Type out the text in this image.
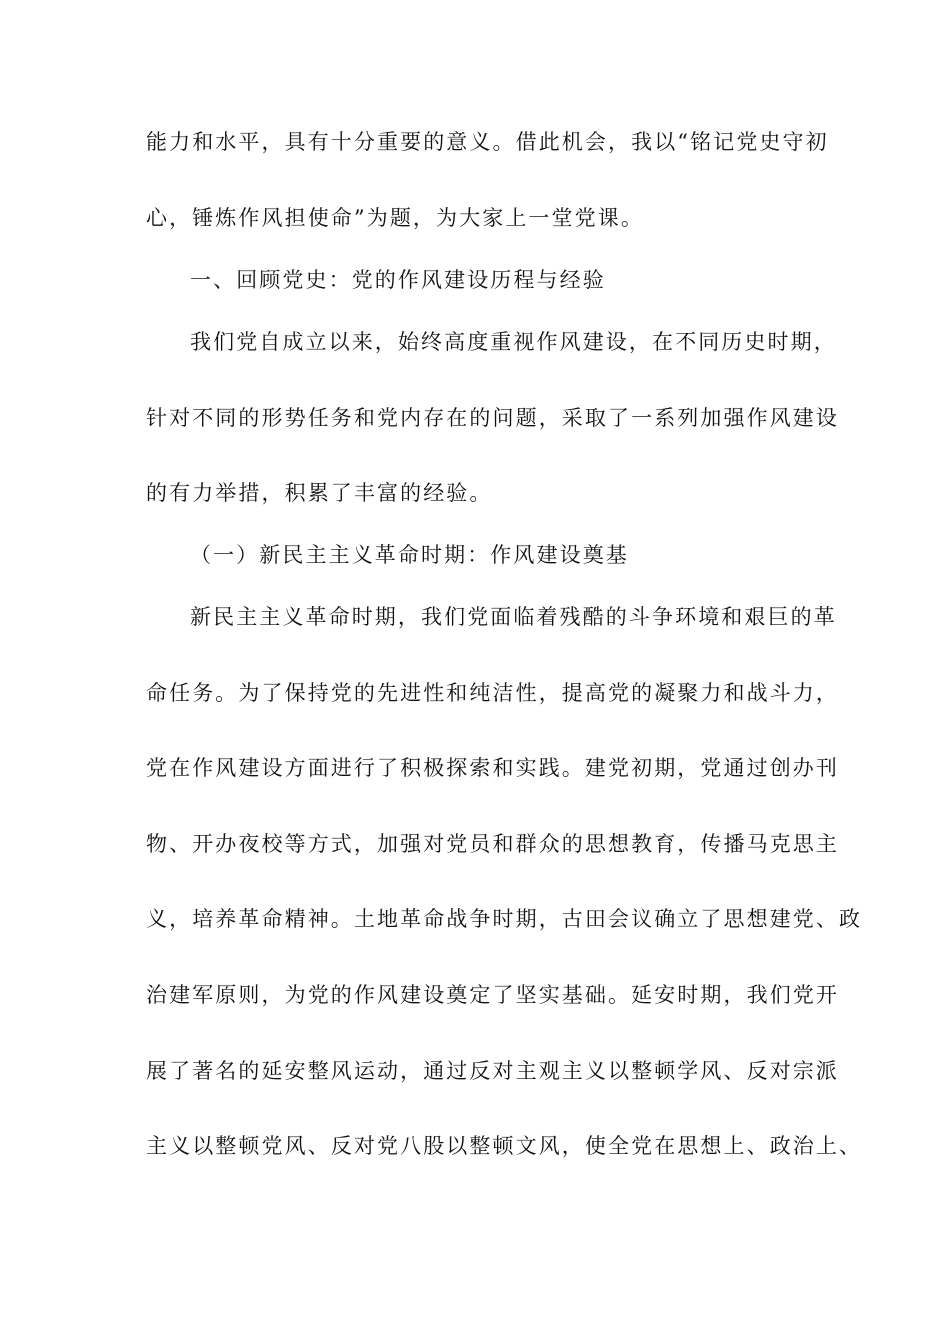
能力和水平，具有十分重要的意义。借此机会，我以“铭记党史守初
心，锤炼作风担使命”为题，为大家上一堂党课。
一、回顾党史：党的作风建设历程与经验
我们党自成立以来，始终高度重视作风建设，在不同历史时期，
针对不同的形势任务和党内存在的问题，采取了一系列加强作风建设
的有力举措，积累了丰富的经验。
（一）新民主主义革命时期：作风建设奠基
新民主主义革命时期，我们党面临着残酷的斗争环境和艰巨的革
命任务。为了保持党的先进性和纯洁性，提高党的凝聚力和战斗力，
党在作风建设方面进行了积极探索和实践。建党初期，党通过创办刊
物、开办夜校等方式，加强对党员和群众的思想教育，传播马克思主
义，培养革命精神。土地革命战争时期，古田会议确立了思想建党、政
治建军原则，为党的作风建设奠定了坚实基础。延安时期，我们党开
展了著名的延安整风运动，通过反对主观主义以整顿学风、反对宗派
主义以整顿党风、反对党八股以整顿文风，使全党在思想上、政治上、
